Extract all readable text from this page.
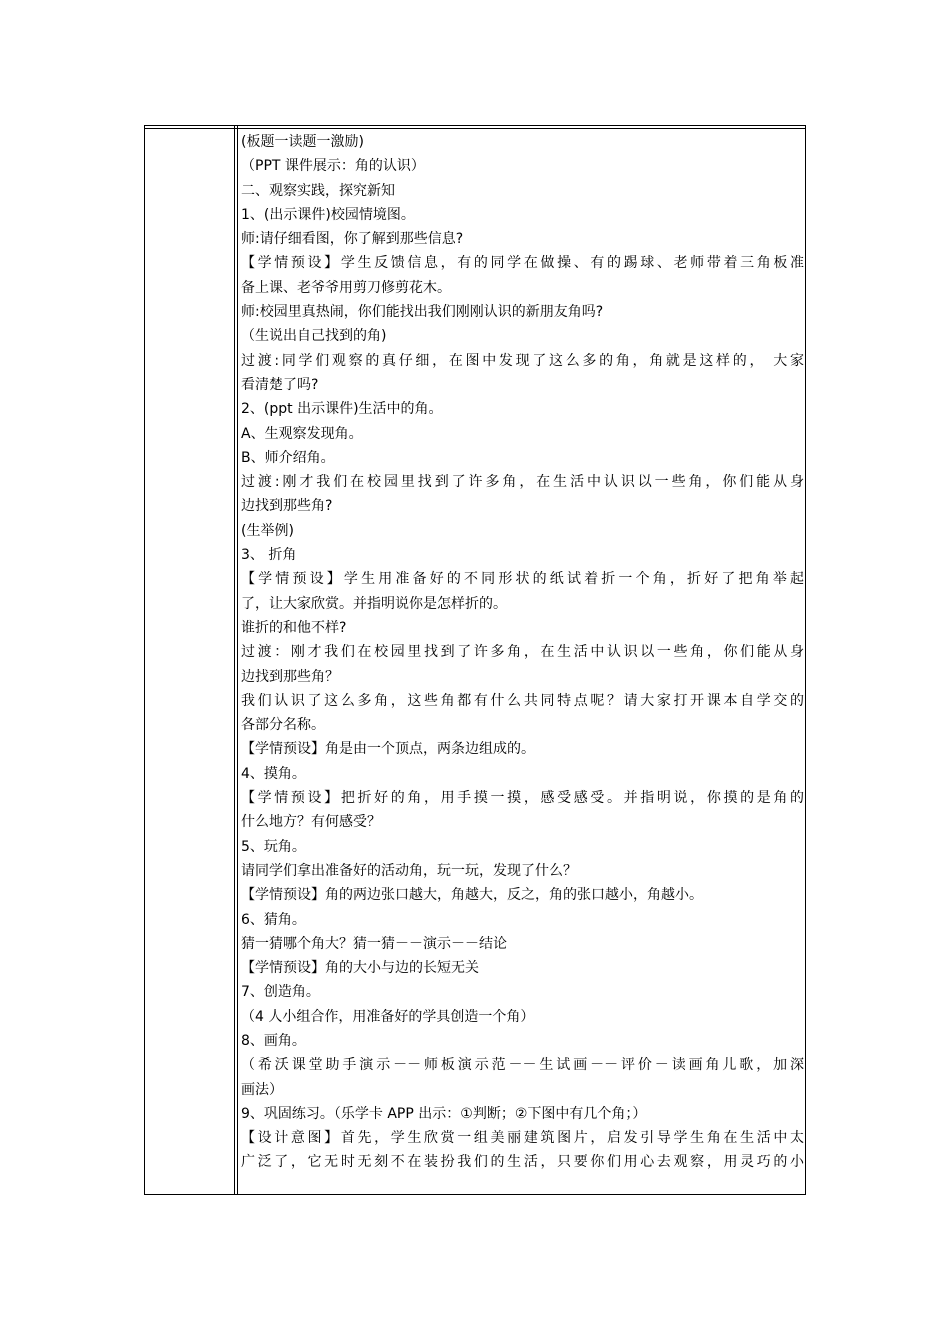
(板题一读题一激励)
（PPT 课件展示：角的认识）
二、观察实践，探究新知
1、(出示课件)校园情境图。
师:请仔细看图，你了解到那些信息?
【学情预设】学生反馈信息，有的同学在做操、有的踢球、老师带着三角板准
备上课、老爷爷用剪刀修剪花木。
师:校园里真热闹，你们能找出我们刚刚认识的新朋友角吗?
（生说出自己找到的角)
过渡:同学们观察的真仔细，在图中发现了这么多的角，角就是这样的， 大家
看清楚了吗?
2、(ppt 出示课件)生活中的角。
A、生观察发现角。
B、师介绍角。
过渡:刚才我们在校园里找到了许多角，在生活中认识以一些角，你们能从身
边找到那些角?
(生举例)
3、 折角
【学情预设】学生用准备好的不同形状的纸试着折一个角，折好了把角举起
了，让大家欣赏。并指明说你是怎样折的。
谁折的和他不样?
过渡：刚才我们在校园里找到了许多角，在生活中认识以一些角，你们能从身
边找到那些角？
我们认识了这么多角，这些角都有什么共同特点呢？请大家打开课本自学交的
各部分名称。
【学情预设】角是由一个顶点，两条边组成的。
4、摸角。
【学情预设】把折好的角，用手摸一摸，感受感受。并指明说，你摸的是角的
什么地方？有何感受？
5、玩角。
请同学们拿出准备好的活动角，玩一玩，发现了什么？
【学情预设】角的两边张口越大，角越大，反之，角的张口越小，角越小。
6、猜角。
猜一猜哪个角大？猜一猜－－演示－－结论
【学情预设】角的大小与边的长短无关
7、创造角。
（4 人小组合作，用准备好的学具创造一个角）
8、画角。
（希沃课堂助手演示－－师板演示范－－生试画－－评价－读画角儿歌，加深
画法）
9、巩固练习。（乐学卡 APP 出示：①判断；②下图中有几个角；）
【设计意图】首先，学生欣赏一组美丽建筑图片，启发引导学生角在生活中太
广泛了，它无时无刻不在装扮我们的生活，只要你们用心去观察，用灵巧的小
